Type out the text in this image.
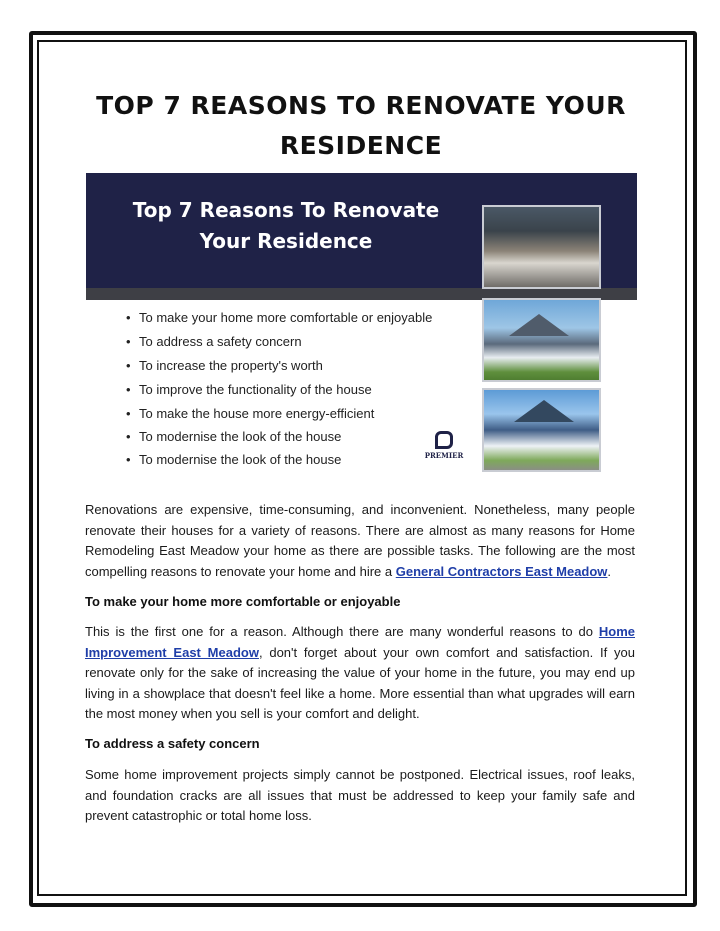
TOP 7 REASONS TO RENOVATE YOUR RESIDENCE
Top 7 Reasons To Renovate
Your Residence
• To make your home more comfortable or enjoyable
• To address a safety concern
• To increase the property's worth
• To improve the functionality of the house
• To make the house more energy-efficient
• To modernise the look of the house
• To modernise the look of the house	PREMIER

Renovations are expensive, time-consuming, and inconvenient. Nonetheless, many people renovate their houses for a variety of reasons. There are almost as many reasons for Home Remodeling East Meadow your home as there are possible tasks. The following are the most compelling reasons to renovate your home and hire a General Contractors East Meadow.

To make your home more comfortable or enjoyable

This is the first one for a reason. Although there are many wonderful reasons to do Home Improvement East Meadow, don't forget about your own comfort and satisfaction. If you renovate only for the sake of increasing the value of your home in the future, you may end up living in a showplace that doesn't feel like a home. More essential than what upgrades will earn the most money when you sell is your comfort and delight.

To address a safety concern

Some home improvement projects simply cannot be postponed. Electrical issues, roof leaks, and foundation cracks are all issues that must be addressed to keep your family safe and prevent catastrophic or total home loss.
